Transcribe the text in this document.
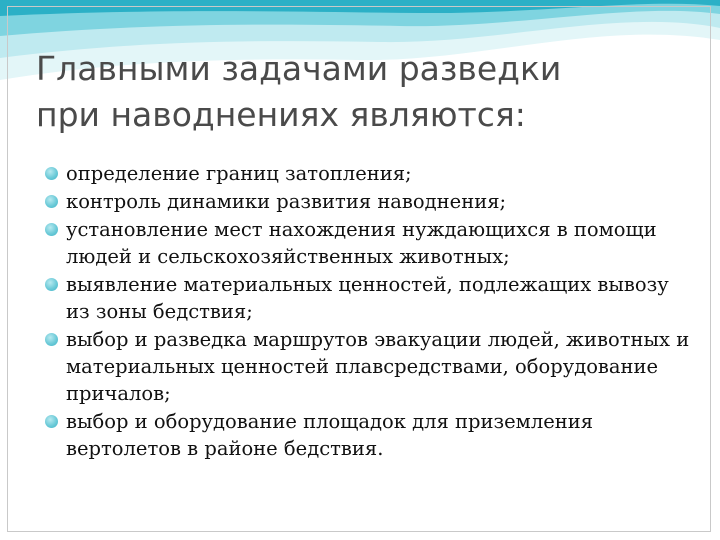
Главными задачами разведки
при наводнениях являются:
определение границ затопления;
контроль динамики развития наводнения;
установление мест нахождения нуждающихся в помощи людей и сельскохозяйственных животных;
выявление материальных ценностей, подлежащих вывозу из зоны бедствия;
выбор и разведка маршрутов эвакуации людей, животных и материальных ценностей плавсредствами, оборудование причалов;
выбор и оборудование площадок для приземления вертолетов в районе бедствия.
